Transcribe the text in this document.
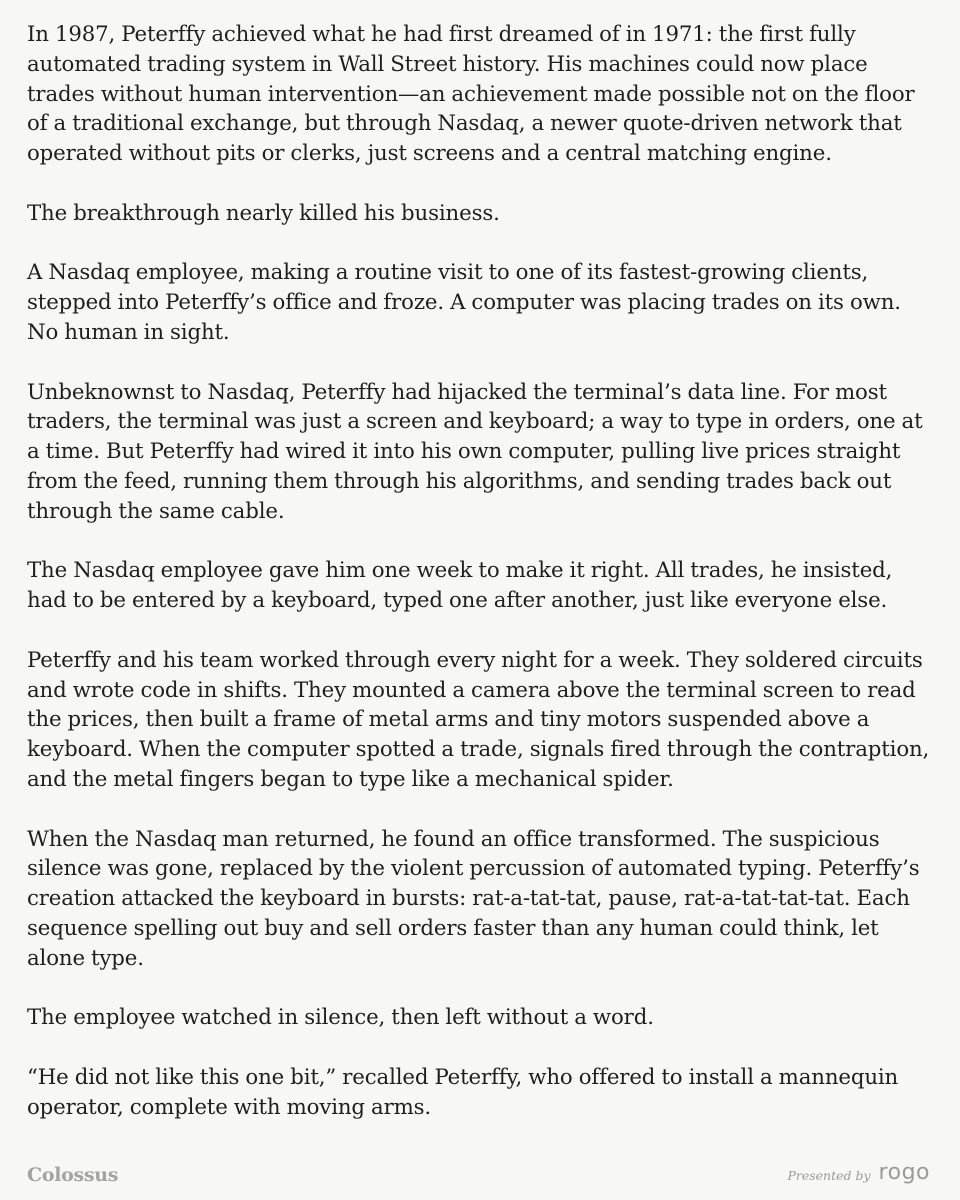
In 1987, Peterffy achieved what he had first dreamed of in 1971: the first fully automated trading system in Wall Street history. His machines could now place trades without human intervention—an achievement made possible not on the floor of a traditional exchange, but through Nasdaq, a newer quote-driven network that operated without pits or clerks, just screens and a central matching engine.

The breakthrough nearly killed his business.

A Nasdaq employee, making a routine visit to one of its fastest-growing clients, stepped into Peterffy’s office and froze. A computer was placing trades on its own. No human in sight.

Unbeknownst to Nasdaq, Peterffy had hijacked the terminal’s data line. For most traders, the terminal was just a screen and keyboard; a way to type in orders, one at a time. But Peterffy had wired it into his own computer, pulling live prices straight from the feed, running them through his algorithms, and sending trades back out through the same cable.

The Nasdaq employee gave him one week to make it right. All trades, he insisted, had to be entered by a keyboard, typed one after another, just like everyone else.

Peterffy and his team worked through every night for a week. They soldered circuits and wrote code in shifts. They mounted a camera above the terminal screen to read the prices, then built a frame of metal arms and tiny motors suspended above a keyboard. When the computer spotted a trade, signals fired through the contraption, and the metal fingers began to type like a mechanical spider.

When the Nasdaq man returned, he found an office transformed. The suspicious silence was gone, replaced by the violent percussion of automated typing. Peterffy’s creation attacked the keyboard in bursts: rat-a-tat-tat, pause, rat-a-tat-tat-tat. Each sequence spelling out buy and sell orders faster than any human could think, let alone type.

The employee watched in silence, then left without a word.

“He did not like this one bit,” recalled Peterffy, who offered to install a mannequin operator, complete with moving arms.

Colossus	Presented by rogo
